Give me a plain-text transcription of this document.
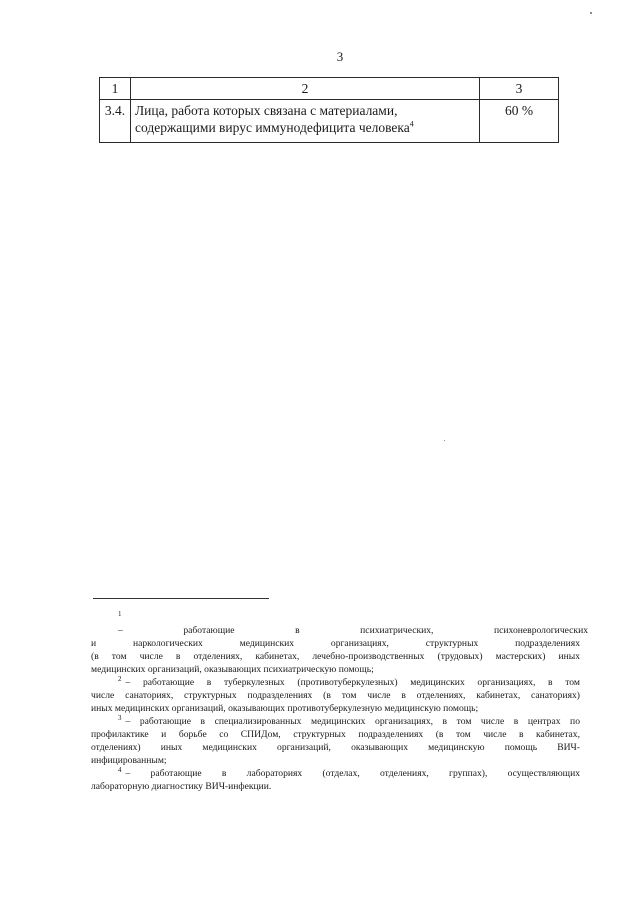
3
1	2	3
3.4.	Лица, работа которых связана с материалами,
содержащими вирус иммунодефицита человека$^4$	60 %
$^1$– работающие в психиатрических, психоневрологических
и наркологических медицинских организациях, структурных подразделениях
(в том числе в отделениях, кабинетах, лечебно-производственных (трудовых) мастерских) иных
медицинских организаций, оказывающих психиатрическую помощь;
$^2$ – работающие в туберкулезных (противотуберкулезных) медицинских организациях, в том
числе санаториях, структурных подразделениях (в том числе в отделениях, кабинетах, санаториях)
иных медицинских организаций, оказывающих противотуберкулезную медицинскую помощь;
$^3$ – работающие в специализированных медицинских организациях, в том числе в центрах по
профилактике и борьбе со СПИДом, структурных подразделениях (в том числе в кабинетах,
отделениях) иных медицинских организаций, оказывающих медицинскую помощь ВИЧ-
инфицированным;
$^4$ – работающие в лабораториях (отделах, отделениях, группах), осуществляющих
лабораторную диагностику ВИЧ-инфекции.
